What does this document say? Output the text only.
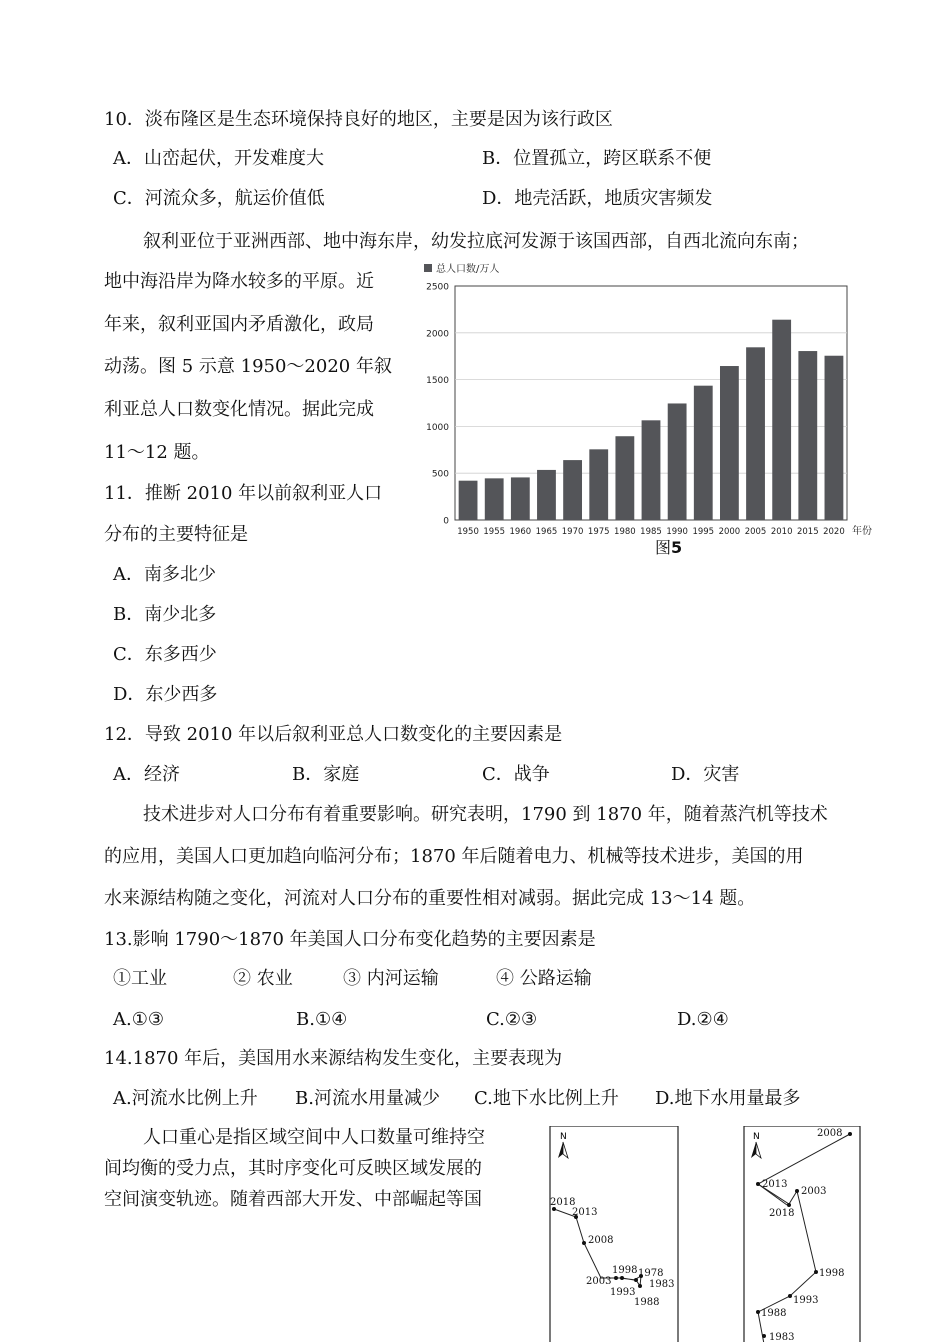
10．淡布隆区是生态环境保持良好的地区，主要是因为该行政区
A．山峦起伏，开发难度大	B．位置孤立，跨区联系不便
C．河流众多，航运价值低	D．地壳活跃，地质灾害频发
叙利亚位于亚洲西部、地中海东岸，幼发拉底河发源于该国西部，自西北流向东南；
地中海沿岸为降水较多的平原。近
年来，叙利亚国内矛盾激化，政局
动荡。图 5 示意 1950～2020 年叙
利亚总人口数变化情况。据此完成
11～12 题。
11．推断 2010 年以前叙利亚人口
分布的主要特征是
A．南多北少
B．南少北多
C．东多西少
D．东少西多
总人口数/万人
0
500
1000
1500
2000
2500
1950 1955 1960 1965 1970 1975 1980 1985 1990 1995 2000 2005 2010 2015 2020 年份
图5
12．导致 2010 年以后叙利亚总人口数变化的主要因素是
A．经济	B．家庭	C．战争	D．灾害
技术进步对人口分布有着重要影响。研究表明，1790 到 1870 年，随着蒸汽机等技术
的应用，美国人口更加趋向临河分布；1870 年后随着电力、机械等技术进步，美国的用
水来源结构随之变化，河流对人口分布的重要性相对减弱。据此完成 13～14 题。
13.影响 1790～1870 年美国人口分布变化趋势的主要因素是
①工业	② 农业	③ 内河运输	④ 公路运输
A.①③	B.①④	C.②③	D.②④
14.1870 年后，美国用水来源结构发生变化，主要表现为
A.河流水比例上升 B.河流水用量减少 C.地下水比例上升 D.地下水用量最多
人口重心是指区域空间中人口数量可维持空
间均衡的受力点，其时序变化可反映区域发展的
空间演变轨迹。随着西部大开发、中部崛起等国
N
2018
2013
2008
1998 1978
2003	1983
1993
1988
N	2008
2013
2003
2018
1998
1993
1988
1983
